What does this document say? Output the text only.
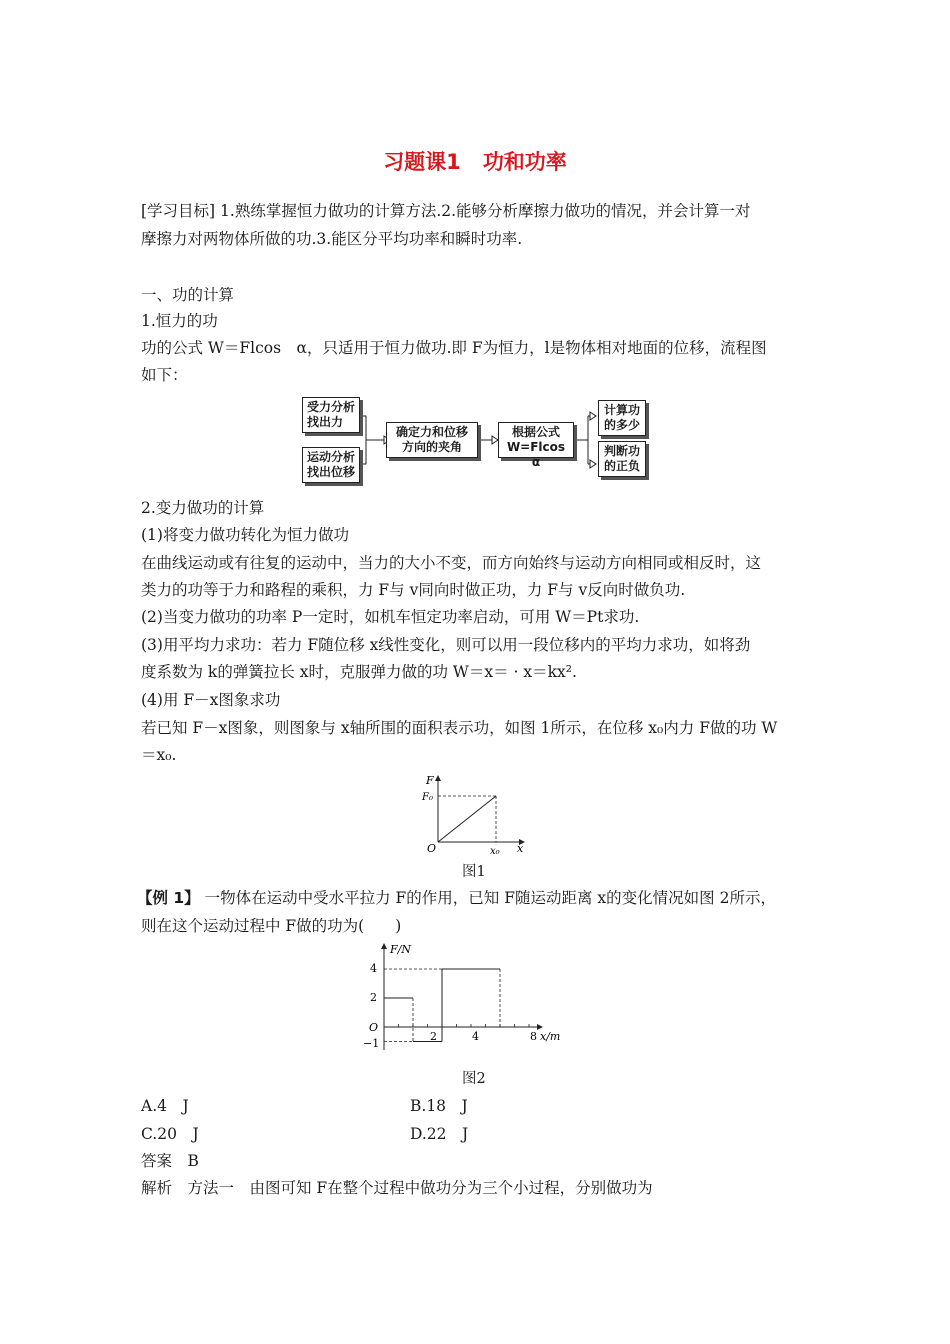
习题课1 功和功率
[学习目标] 1.熟练掌握恒力做功的计算方法.2.能够分析摩擦力做功的情况，并会计算一对
摩擦力对两物体所做的功.3.能区分平均功率和瞬时功率.
一、功的计算
1.恒力的功
功的公式 W＝Flcos　α，只适用于恒力做功.即 F为恒力，l是物体相对地面的位移，流程图
如下：
受力分析
找出力
运动分析
找出位移
确定力和位移
方向的夹角
根据公式
W=Flcos α
计算功
的多少
判断功
的正负
2.变力做功的计算
(1)将变力做功转化为恒力做功
在曲线运动或有往复的运动中，当力的大小不变，而方向始终与运动方向相同或相反时，这
类力的功等于力和路程的乘积，力 F与 v同向时做正功，力 F与 v反向时做负功.
(2)当变力做功的功率 P一定时，如机车恒定功率启动，可用 W＝Pt求功.
(3)用平均力求功：若力 F随位移 x线性变化，则可以用一段位移内的平均力求功，如将劲
度系数为 k的弹簧拉长 x时，克服弹力做的功 W＝x＝ · x＝kx².
(4)用 F－x图象求功
若已知 F－x图象，则图象与 x轴所围的面积表示功，如图 1所示，在位移 x₀内力 F做的功 W
＝x₀.
F
F₀
O	x₀ x
图1
【例 1】 一物体在运动中受水平拉力 F的作用，已知 F随运动距离 x的变化情况如图 2所示，
则在这个运动过程中 F做的功为(　　)
F/N
4
2
−1
O
2	4	8 x/m
图2
A.4　J	B.18　J
C.20　J	D.22　J
答案　B
解析　方法一　由图可知 F在整个过程中做功分为三个小过程，分别做功为
